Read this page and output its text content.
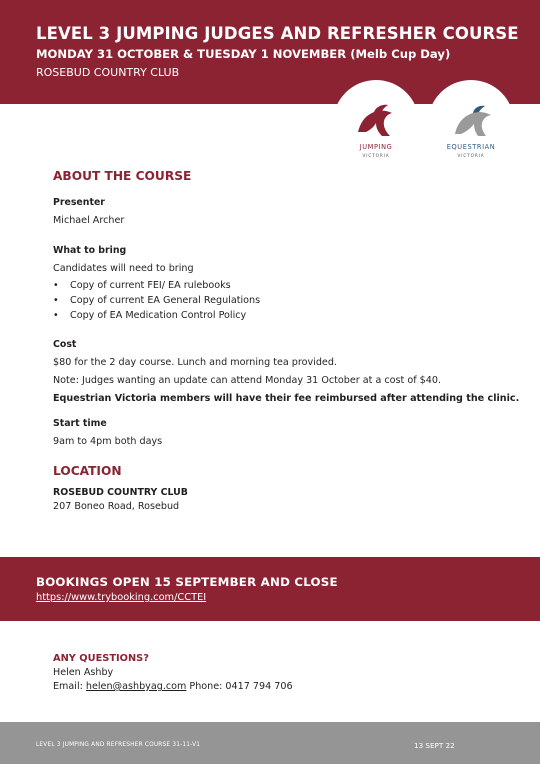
LEVEL 3 JUMPING JUDGES AND REFRESHER COURSE
MONDAY 31 OCTOBER & TUESDAY 1 NOVEMBER (Melb Cup Day)
ROSEBUD COUNTRY CLUB
JUMPING
VICTORIA
EQUESTRIAN
VICTORIA
ABOUT THE COURSE
Presenter
Michael Archer
What to bring
Candidates will need to bring
• Copy of current FEI/ EA rulebooks
• Copy of current EA General Regulations
• Copy of EA Medication Control Policy
Cost
$80 for the 2 day course. Lunch and morning tea provided.
Note: Judges wanting an update can attend Monday 31 October at a cost of $40.
Equestrian Victoria members will have their fee reimbursed after attending the clinic.
Start time
9am to 4pm both days
LOCATION
ROSEBUD COUNTRY CLUB
207 Boneo Road, Rosebud
BOOKINGS OPEN 15 SEPTEMBER AND CLOSE
https://www.trybooking.com/CCTEI
ANY QUESTIONS?
Helen Ashby
Email: helen@ashbyag.com Phone: 0417 794 706
LEVEL 3 JUMPING AND REFRESHER COURSE 31-11-V1	13 SEPT 22
